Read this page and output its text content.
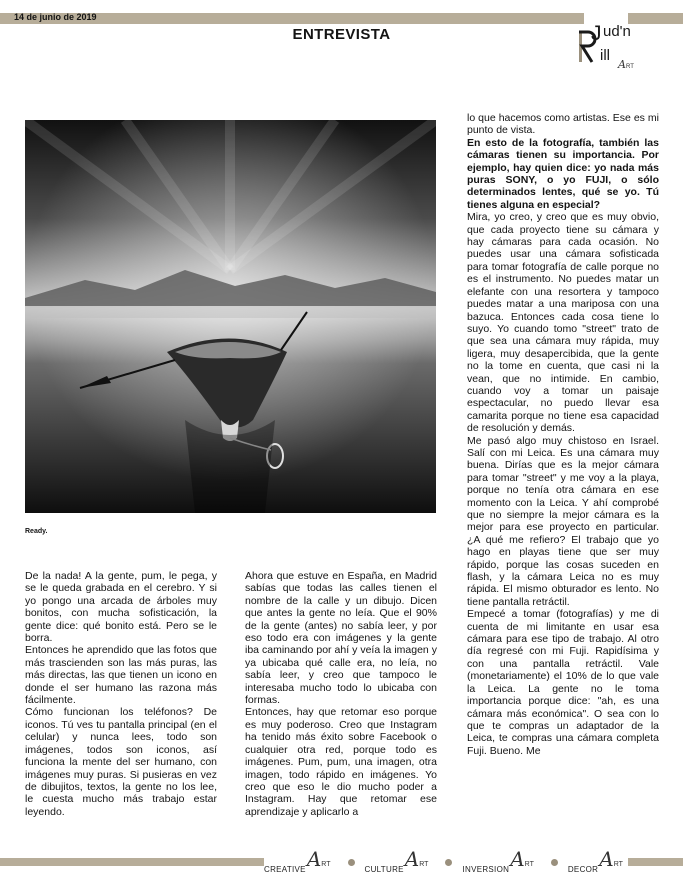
14 de junio de 2019
ENTREVISTA	J ud'n
ill
A RT
Ready.

De la nada! A la gente, pum, le pega, y se le queda grabada en el cerebro. Y si yo pongo una arcada de árboles muy bonitos, con mucha sofisticación, la gente dice: qué bonito está. Pero se le borra.

Entonces he aprendido que las fotos que más trascienden son las más puras, las más directas, las que tienen un icono en donde el ser humano las razona más fácilmente.

Cómo funcionan los teléfonos? De iconos. Tú ves tu pantalla principal (en el celular) y nunca lees, todo son imágenes, todos son iconos, así funciona la mente del ser humano, con imágenes muy puras. Si pusieras en vez de dibujitos, textos, la gente no los lee, le cuesta mucho más trabajo estar leyendo.

Ahora que estuve en España, en Madrid sabías que todas las calles tienen el nombre de la calle y un dibujo. Dicen que antes la gente no leía. Que el 90% de la gente (antes) no sabía leer, y por eso todo era con imágenes y la gente iba caminando por ahí y veía la imagen y ya ubicaba qué calle era, no leía, no sabía leer, y creo que tampoco le interesaba mucho todo lo ubicaba con formas.

Entonces, hay que retomar eso porque es muy poderoso. Creo que Instagram ha tenido más éxito sobre Facebook o cualquier otra red, porque todo es imágenes. Pum, pum, una imagen, otra imagen, todo rápido en imágenes. Yo creo que eso le dio mucho poder a Instagram. Hay que retomar ese aprendizaje y aplicarlo a

lo que hacemos como artistas. Ese es mi punto de vista.

En esto de la fotografía, también las cámaras tienen su importancia. Por ejemplo, hay quien dice: yo nada más puras SONY, o yo FUJI, o sólo determinados lentes, qué se yo. Tú tienes alguna en especial?

Mira, yo creo, y creo que es muy obvio, que cada proyecto tiene su cámara y hay cámaras para cada ocasión. No puedes usar una cámara sofisticada para tomar fotografía de calle porque no es el instrumento. No puedes matar un elefante con una resortera y tampoco puedes matar a una mariposa con una bazuca. Entonces cada cosa tiene lo suyo. Yo cuando tomo "street" trato de que sea una cámara muy rápida, muy ligera, muy desapercibida, que la gente no la tome en cuenta, que casi ni la vean, que no intimide. En cambio, cuando voy a tomar un paisaje espectacular, no puedo llevar esa camarita porque no tiene esa capacidad de resolución y demás.

Me pasó algo muy chistoso en Israel. Salí con mi Leica. Es una cámara muy buena. Dirías que es la mejor cámara para tomar "street" y me voy a la playa, porque no tenía otra cámara en ese momento con la Leica. Y ahí comprobé que no siempre la mejor cámara es la mejor para ese proyecto en particular. ¿A qué me refiero? El trabajo que yo hago en playas tiene que ser muy rápido, porque las cosas suceden en flash, y la cámara Leica no es muy rápida. El mismo obturador es lento. No tiene pantalla retráctil.

Empecé a tomar (fotografías) y me di cuenta de mi limitante en usar esa cámara para ese tipo de trabajo. Al otro día regresé con mi Fuji. Rapidísima y con una pantalla retráctil. Vale (monetariamente) el 10% de lo que vale la Leica. La gente no le toma importancia porque dice: "ah, es una cámara más económica". O sea con lo que te compras un adaptador de la Leica, te compras una cámara completa Fuji. Bueno. Me

CREATIVE ART
CULTURE ART
INVERSION ART
DECOR ART
